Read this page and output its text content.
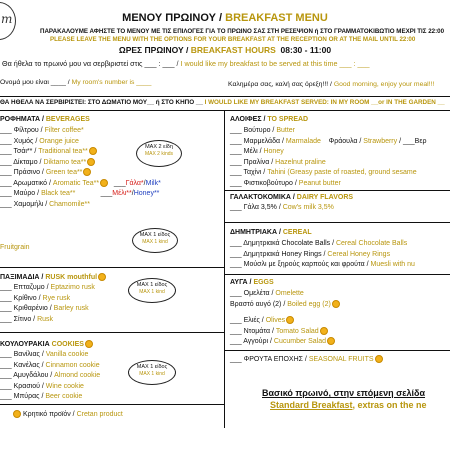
m	ΜΕΝΟΥ ΠΡΩΙΝΟΥ / BREAKFAST MENU
ΠΑΡΑΚΑΛΟΥΜΕ ΑΦΗΣΤΕ ΤΟ ΜΕΝΟΥ ΜΕ ΤΙΣ ΕΠΙΛΟΓΕΣ ΓΙΑ ΤΟ ΠΡΩΙΝΟ ΣΑΣ ΣΤΗ ΡΕΣΕΨΙΟΝ ή ΣΤΟ ΓΡΑΜΜΑΤΟΚΙΒΩΤΙΟ ΜΕΧΡΙ ΤΙΣ 22:00
PLEASE LEAVE THE MENU WITH THE OPTIONS FOR YOUR BREAKFAST AT THE RECEPTION OR AT THE MAIL UNTIL 22:00
ΩΡΕΣ ΠΡΩΙΝΟΥ / BREAKFAST HOURS 08:30 - 11:00
Θα ήθελα το πρωινό μου να σερβιριστεί στις ___ : ___ / I would like my breakfast to be served at this time ___ : ___
Ονομά μου είναι ____ / My room's number is ____	Καλημέρα σας, καλή σας όρεξη!!! / Good morning, enjoy your meal!!!
ΘΑ ΗΘΕΛΑ ΝΑ ΣΕΡΒΙΡΙΣΤΕΙ: ΣΤΟ ΔΩΜΑΤΙΟ ΜΟΥ__ ή ΣΤΟ ΚΗΠΟ __ I WOULD LIKE MY BREAKFAST SERVED: IN MY ROOM __or IN THE GARDEN __
ΡΟΦΗΜΑΤΑ / BEVERAGES
___ Φίλτρου / Filter coffee*
___ Χυμός / Orange juice
___ Τσάι** / Traditional tea**
___ Δίκταμο / Diktamo tea**
___ Πράσινο / Green tea**
___ Αρωματικό / Aromatic Tea**   ___Γάλα*/Milk*
___ Μαύρο / Black tea**             ___Μέλι**/Honey**
___ Χαμομήλι / Chamomile**
MAX 2 είδη
MAX 2 kinds
MAX 1 είδος
MAX 1 kind
Fruitgrain
ΠΑΞΙΜΑΔΙΑ / RUSK mouthful
___ Επταζυμο / Eptazimo rusk
___ Κρίθινο / Rye rusk
___ Κριθαρένιο / Barley rusk
___ Σίτινο / Rusk
MAX 1 είδος
MAX 1 kind
ΚΟΥΛΟΥΡΑΚΙΑ COOKIES
___ Βανίλιας / Vanilla cookie
___ Κανέλας / Cinnamon cookie
___ Αμυγδάλου / Almond cookie
___ Κρασιού / Wine cookie
___ Μπύρας / Beer cookie
MAX 1 είδος
MAX 1 kind
Κρητικό προϊόν / Cretan product
ΑΛΟΙΦΕΣ / TO SPREAD
___ Βούτυρο / Butter
___ Μαρμελάδα / Marmalade Φράουλα / Strawberry / ___Βερ
___ Μέλι / Honey
___ Πραλίνα / Hazelnut praline
___ Ταχίνι / Tahini (Greasy paste of roasted, ground sesame
___ Φιστικοβούτυρο / Peanut butter
ΓΑΛΑΚΤΟΚΟΜΙΚΑ / DAIRY FLAVORS
___ Γάλα 3,5% / Cow's milk 3,5%
ΔΗΜΗΤΡΙΑΚΑ / CEREAL
___ Δημητριακά Chocolate Balls / Cereal Chocolate Balls
___ Δημητριακά Honey Rings / Cereal Honey Rings
___ Μούσλι με ξηρούς καρπούς και φρούτα / Muesli with nu
ΑΥΓΑ / EGGS
___ Ομελέτα / Omelette
Βραστό αυγό (2) / Boiled egg (2)
___ Ελιές / Olives
___ Ντομάτα / Tomato Salad
___ Αγγούρι / Cucumber Salad
___ ΦΡΟΥΤΑ ΕΠΟΧΗΣ / SEASONAL FRUITS
Βασικό πρωινό, στην επόμενη σελίδα
Standard Breakfast, extras on the ne
